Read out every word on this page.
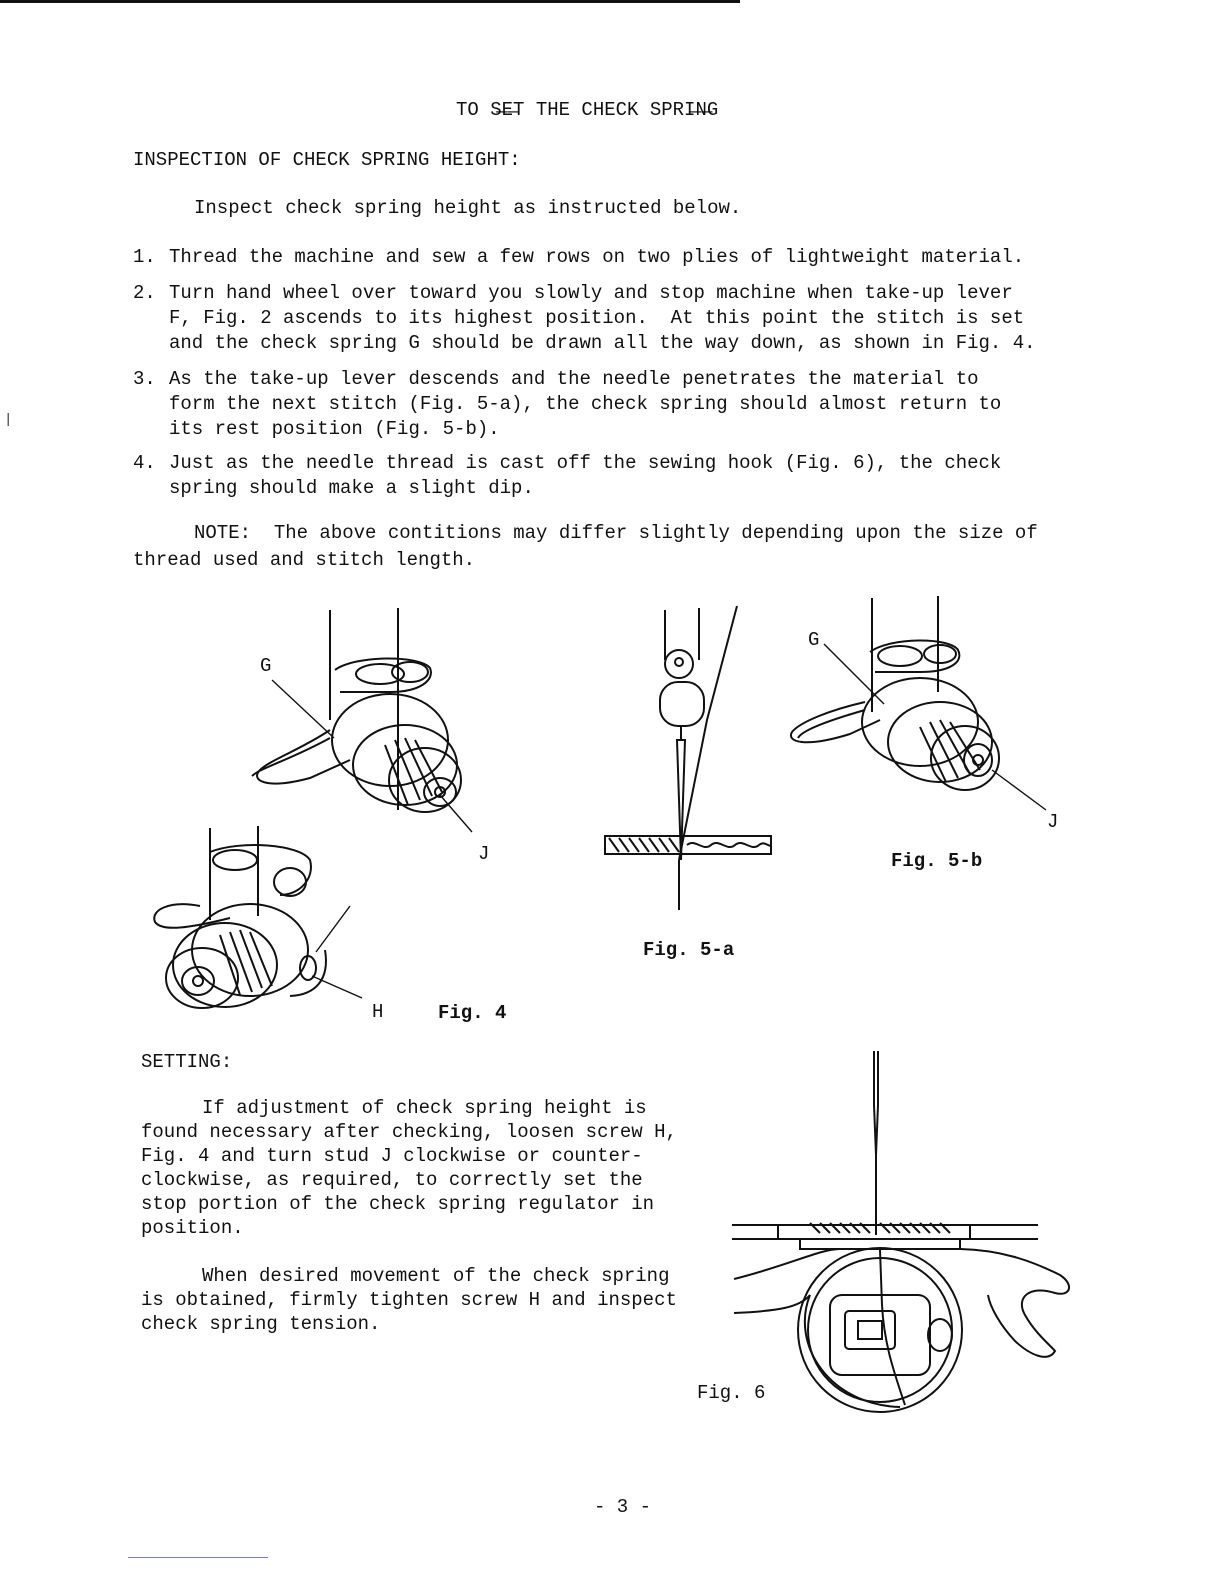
|
TO S̶E̶T THE CHECK SPRI̶N̶G
INSPECTION OF CHECK SPRING HEIGHT:
Inspect check spring height as instructed below.
1. Thread the machine and sew a few rows on two plies of lightweight material.
2. Turn hand wheel over toward you slowly and stop machine when take-up lever
F, Fig. 2 ascends to its highest position.  At this point the stitch is set
and the check spring G should be drawn all the way down, as shown in Fig. 4.
3. As the take-up lever descends and the needle penetrates the material to
form the next stitch (Fig. 5-a), the check spring should almost return to
its rest position (Fig. 5-b).
4. Just as the needle thread is cast off the sewing hook (Fig. 6), the check
spring should make a slight dip.
NOTE:  The above contitions may differ slightly depending upon the size of
thread used and stitch length.
G
J
H	Fig. 4
Fig. 5-a
G
J
Fig. 5-b
SETTING:
If adjustment of check spring height is
found necessary after checking, loosen screw H,
Fig. 4 and turn stud J clockwise or counter-
clockwise, as required, to correctly set the
stop portion of the check spring regulator in
position.
When desired movement of the check spring
is obtained, firmly tighten screw H and inspect
check spring tension.
Fig. 6
- 3 -
